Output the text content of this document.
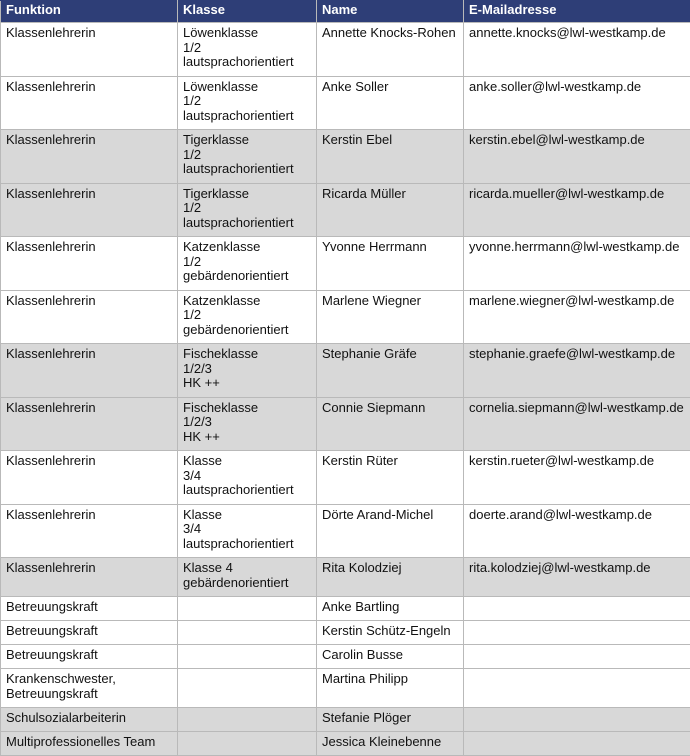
Funktion	Klasse	Name	E-Mailadresse
Klassenlehrerin	Löwenklasse
1/2
lautsprachorientiert	Annette Knocks-Rohen	annette.knocks@lwl-westkamp.de
Klassenlehrerin	Löwenklasse
1/2
lautsprachorientiert	Anke Soller	anke.soller@lwl-westkamp.de
Klassenlehrerin	Tigerklasse
1/2
lautsprachorientiert	Kerstin Ebel	kerstin.ebel@lwl-westkamp.de
Klassenlehrerin	Tigerklasse
1/2
lautsprachorientiert	Ricarda Müller	ricarda.mueller@lwl-westkamp.de
Klassenlehrerin	Katzenklasse
1/2
gebärdenorientiert	Yvonne Herrmann	yvonne.herrmann@lwl-westkamp.de
Klassenlehrerin	Katzenklasse
1/2
gebärdenorientiert	Marlene Wiegner	marlene.wiegner@lwl-westkamp.de
Klassenlehrerin	Fischeklasse
1/2/3
HK ++	Stephanie Gräfe	stephanie.graefe@lwl-westkamp.de
Klassenlehrerin	Fischeklasse
1/2/3
HK ++	Connie Siepmann	cornelia.siepmann@lwl-westkamp.de
Klassenlehrerin	Klasse
3/4
lautsprachorientiert	Kerstin Rüter	kerstin.rueter@lwl-westkamp.de
Klassenlehrerin	Klasse
3/4
lautsprachorientiert	Dörte Arand-Michel	doerte.arand@lwl-westkamp.de
Klassenlehrerin	Klasse 4
gebärdenorientiert	Rita Kolodziej	rita.kolodziej@lwl-westkamp.de
Betreuungskraft		Anke Bartling	
Betreuungskraft		Kerstin Schütz-Engeln	
Betreuungskraft		Carolin Busse	
Krankenschwester, Betreuungskraft		Martina Philipp	
Schulsozialarbeiterin		Stefanie Plöger	
Multiprofessionelles Team		Jessica Kleinebenne	
